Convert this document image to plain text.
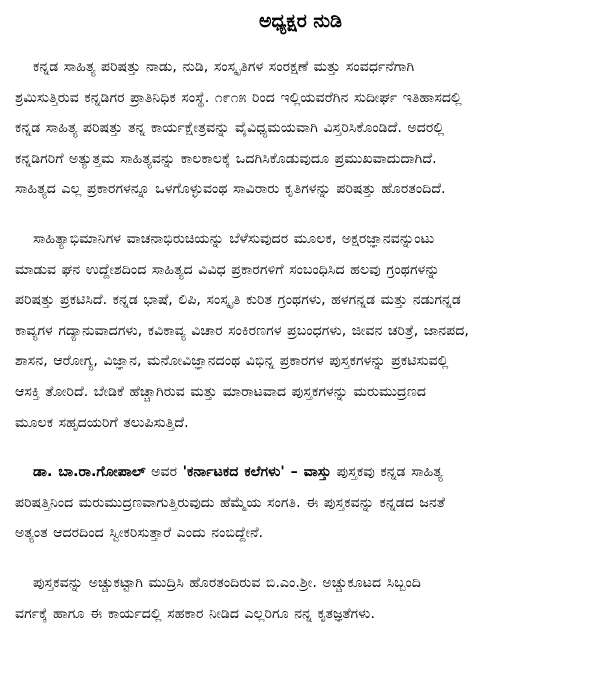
ಅಧ್ಯಕ್ಷರ ನುಡಿ

ಕನ್ನಡ ಸಾಹಿತ್ಯ ಪರಿಷತ್ತು ನಾಡು, ನುಡಿ, ಸಂಸ್ಕೃತಿಗಳ ಸಂರಕ್ಷಣೆ ಮತ್ತು ಸಂವರ್ಧನೆಗಾಗಿ

ಶ್ರಮಿಸುತ್ತಿರುವ ಕನ್ನಡಿಗರ ಪ್ರಾತಿನಿಧಿಕ ಸಂಸ್ಥೆ. ೧೯೧೫ ರಿಂದ ಇಲ್ಲಿಯವರೆಗಿನ ಸುದೀರ್ಘ ಇತಿಹಾಸದಲ್ಲಿ

ಕನ್ನಡ ಸಾಹಿತ್ಯ ಪರಿಷತ್ತು ತನ್ನ ಕಾರ್ಯಕ್ಷೇತ್ರವನ್ನು ವೈವಿಧ್ಯಮಯವಾಗಿ ವಿಸ್ತರಿಸಿಕೊಂಡಿದೆ. ಅದರಲ್ಲಿ

ಕನ್ನಡಿಗರಿಗೆ ಅತ್ಯುತ್ತಮ ಸಾಹಿತ್ಯವನ್ನು ಕಾಲಕಾಲಕ್ಕೆ ಒದಗಿಸಿಕೊಡುವುದೂ ಪ್ರಮುಖವಾದುದಾಗಿದೆ.

ಸಾಹಿತ್ಯದ ಎಲ್ಲ ಪ್ರಕಾರಗಳನ್ನೂ ಒಳಗೊಳ್ಳುವಂಥ ಸಾವಿರಾರು ಕೃತಿಗಳನ್ನು ಪರಿಷತ್ತು ಹೊರತಂದಿದೆ.

ಸಾಹಿತ್ಯಾಭಿಮಾನಿಗಳ ವಾಚನಾಭಿರುಚಿಯನ್ನು ಬೆಳೆಸುವುದರ ಮೂಲಕ, ಅಕ್ಷರಜ್ಞಾನವನ್ನುಂಟು

ಮಾಡುವ ಘನ ಉದ್ದೇಶದಿಂದ ಸಾಹಿತ್ಯದ ವಿವಿಧ ಪ್ರಕಾರಗಳಿಗೆ ಸಂಬಂಧಿಸಿದ ಹಲವು ಗ್ರಂಥಗಳನ್ನು

ಪರಿಷತ್ತು ಪ್ರಕಟಿಸಿದೆ. ಕನ್ನಡ ಭಾಷೆ, ಲಿಪಿ, ಸಂಸ್ಕೃತಿ ಕುರಿತ ಗ್ರಂಥಗಳು, ಹಳಗನ್ನಡ ಮತ್ತು ನಡುಗನ್ನಡ

ಕಾವ್ಯಗಳ ಗದ್ಯಾನುವಾದಗಳು, ಕವಿಕಾವ್ಯ ವಿಚಾರ ಸಂಕಿರಣಗಳ ಪ್ರಬಂಧಗಳು, ಜೀವನ ಚರಿತ್ರೆ, ಜಾನಪದ,

ಶಾಸನ, ಆರೋಗ್ಯ, ವಿಜ್ಞಾನ, ಮನೋವಿಜ್ಞಾನದಂಥ ವಿಭಿನ್ನ ಪ್ರಕಾರಗಳ ಪುಸ್ತಕಗಳನ್ನು ಪ್ರಕಟಿಸುವಲ್ಲಿ

ಆಸಕ್ತಿ ತೋರಿದೆ. ಬೇಡಿಕೆ ಹೆಚ್ಚಾಗಿರುವ ಮತ್ತು ಮಾರಾಟವಾದ ಪುಸ್ತಕಗಳನ್ನು ಮರುಮುದ್ರಣದ

ಮೂಲಕ ಸಹೃದಯರಿಗೆ ತಲುಪಿಸುತ್ತಿದೆ.

ಡಾ. ಬಾ.ರಾ.ಗೋಪಾಲ್ ಅವರ 'ಕರ್ನಾಟಕದ ಕಲೆಗಳು' – ವಾಸ್ತು ಪುಸ್ತಕವು ಕನ್ನಡ ಸಾಹಿತ್ಯ

ಪರಿಷತ್ತಿನಿಂದ ಮರುಮುದ್ರಣವಾಗುತ್ತಿರುವುದು ಹೆಮ್ಮೆಯ ಸಂಗತಿ. ಈ ಪುಸ್ತಕವನ್ನು ಕನ್ನಡದ ಜನತೆ

ಅತ್ಯಂತ ಆದರದಿಂದ ಸ್ವೀಕರಿಸುತ್ತಾರೆ ಎಂದು ನಂಬಿದ್ದೇನೆ.

ಪುಸ್ತಕವನ್ನು ಅಚ್ಚುಕಟ್ಟಾಗಿ ಮುದ್ರಿಸಿ ಹೊರತಂದಿರುವ ಬಿ.ಎಂ.ಶ್ರೀ. ಅಚ್ಚುಕೂಟದ ಸಿಬ್ಬಂದಿ

ವರ್ಗಕ್ಕೆ ಹಾಗೂ ಈ ಕಾರ್ಯದಲ್ಲಿ ಸಹಕಾರ ನೀಡಿದ ಎಲ್ಲರಿಗೂ ನನ್ನ ಕೃತಜ್ಞತೆಗಳು.
